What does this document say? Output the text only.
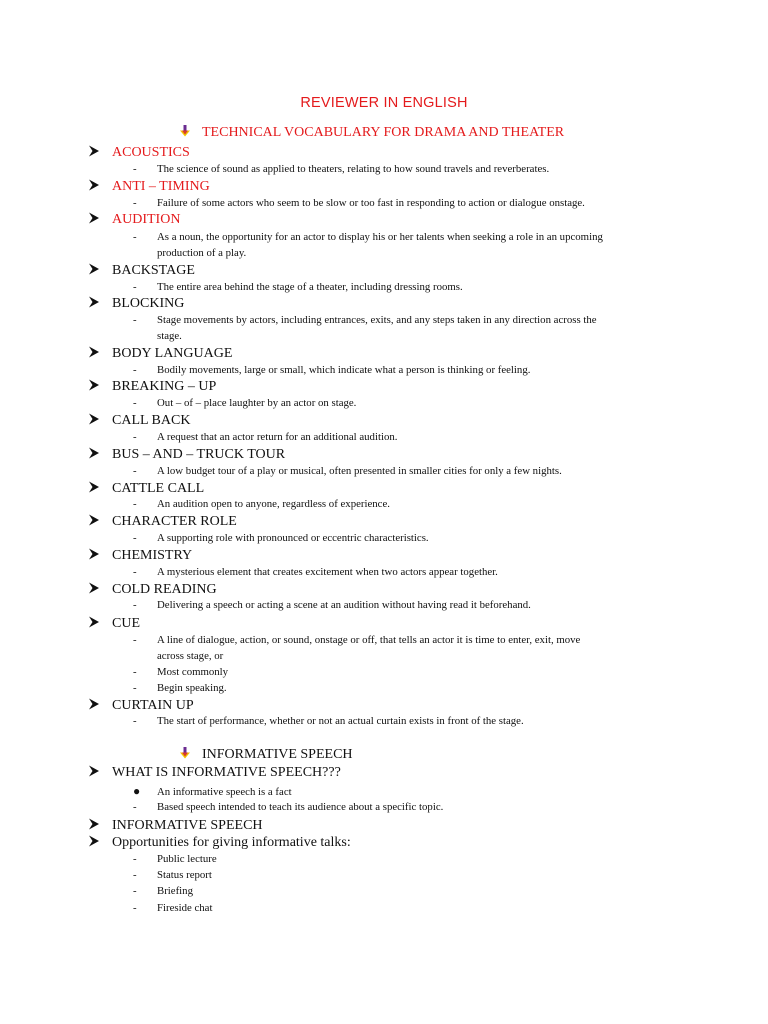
REVIEWER IN ENGLISH
TECHNICAL VOCABULARY FOR DRAMA AND THEATER
ACOUSTICS
- The science of sound as applied to theaters, relating to how sound travels and reverberates.
ANTI – TIMING
- Failure of some actors who seem to be slow or too fast in responding to action or dialogue onstage.
AUDITION
- As a noun, the opportunity for an actor to display his or her talents when seeking a role in an upcoming
production of a play.
BACKSTAGE
- The entire area behind the stage of a theater, including dressing rooms.
BLOCKING
- Stage movements by actors, including entrances, exits, and any steps taken in any direction across the
stage.
BODY LANGUAGE
- Bodily movements, large or small, which indicate what a person is thinking or feeling.
BREAKING – UP
- Out – of – place laughter by an actor on stage.
CALL BACK
- A request that an actor return for an additional audition.
BUS – AND – TRUCK TOUR
- A low budget tour of a play or musical, often presented in smaller cities for only a few nights.
CATTLE CALL
- An audition open to anyone, regardless of experience.
CHARACTER ROLE
- A supporting role with pronounced or eccentric characteristics.
CHEMISTRY
- A mysterious element that creates excitement when two actors appear together.
COLD READING
- Delivering a speech or acting a scene at an audition without having read it beforehand.
CUE
- A line of dialogue, action, or sound, onstage or off, that tells an actor it is time to enter, exit, move
across stage, or
- Most commonly
- Begin speaking.
CURTAIN UP
- The start of performance, whether or not an actual curtain exists in front of the stage.
INFORMATIVE SPEECH
WHAT IS INFORMATIVE SPEECH???
● An informative speech is a fact
- Based speech intended to teach its audience about a specific topic.
INFORMATIVE SPEECH
Opportunities for giving informative talks:
- Public lecture
- Status report
- Briefing
- Fireside chat
